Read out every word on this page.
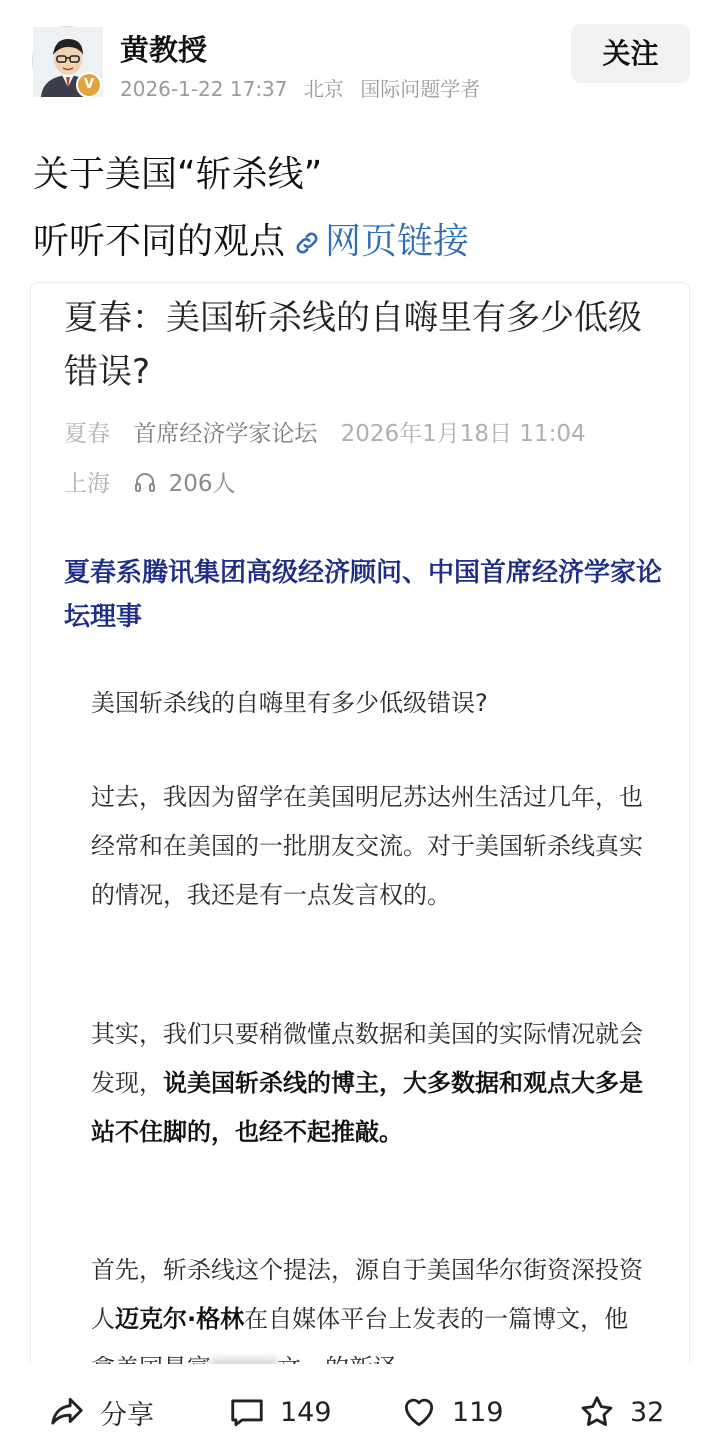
V
黄教授
2026-1-22 17:37 北京 国际问题学者
关注
关于美国“斩杀线”
听听不同的观点 网页链接
夏春：美国斩杀线的自嗨里有多少低级错误?
夏春 首席经济学家论坛 2026年1月18日 11:04
上海	206人
夏春系腾讯集团高级经济顾问、中国首席经济学家论坛理事
美国斩杀线的自嗨里有多少低级错误?
过去，我因为留学在美国明尼苏达州生活过几年，也经常和在美国的一批朋友交流。对于美国斩杀线真实的情况，我还是有一点发言权的。
其实，我们只要稍微懂点数据和美国的实际情况就会发现，说美国斩杀线的博主，大多数据和观点大多是站不住脚的，也经不起推敲。
首先，斩杀线这个提法，源自于美国华尔街资深投资人迈克尔·格林在自媒体平台上发表的一篇博文，他
分享	149	119	32
